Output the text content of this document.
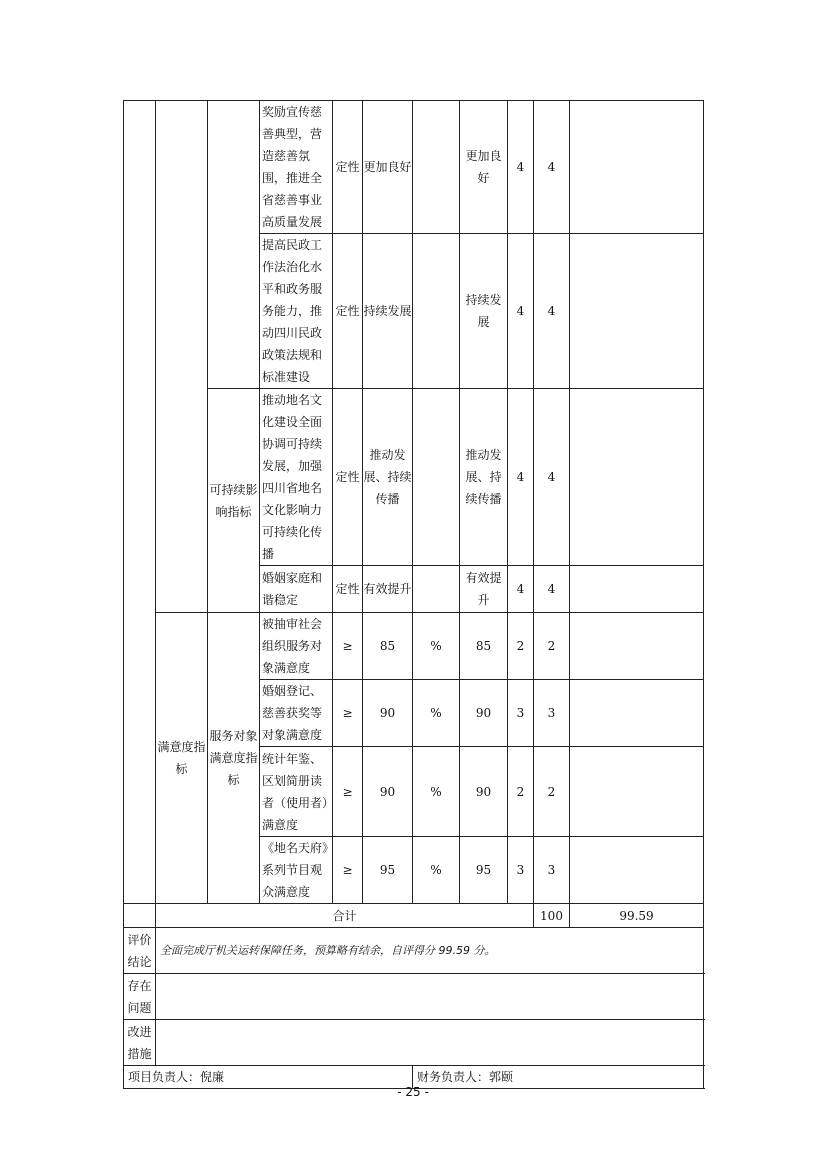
			奖励宣传慈善典型，营造慈善氛围，推进全省慈善事业高质量发展	定性	更加良好		更加良好	4	4		
			提高民政工作法治化水平和政务服务能力，推动四川民政政策法规和标准建设	定性	持续发展		持续发展	4	4		
		可持续影响指标	推动地名文化建设全面协调可持续发展，加强四川省地名文化影响力可持续化传播	定性	推动发展、持续传播		推动发展、持续传播	4	4		
			婚姻家庭和谐稳定	定性	有效提升		有效提升	4	4		
	满意度指标	服务对象满意度指标	被抽审社会组织服务对象满意度	≥	85	%	85	2	2		
			婚姻登记、慈善获奖等对象满意度	≥	90	%	90	3	3		
			统计年鉴、区划简册读者（使用者）满意度	≥	90	%	90	2	2		
			《地名天府》系列节目观众满意度	≥	95	%	95	3	3		
	合计								100	99.59	
评价结论	全面完成厅机关运转保障任务，预算略有结余，自评得分 99.59 分。										
存在问题											
改进措施											
项目负责人：倪廉						财务负责人：郭颐					
- 25 -
